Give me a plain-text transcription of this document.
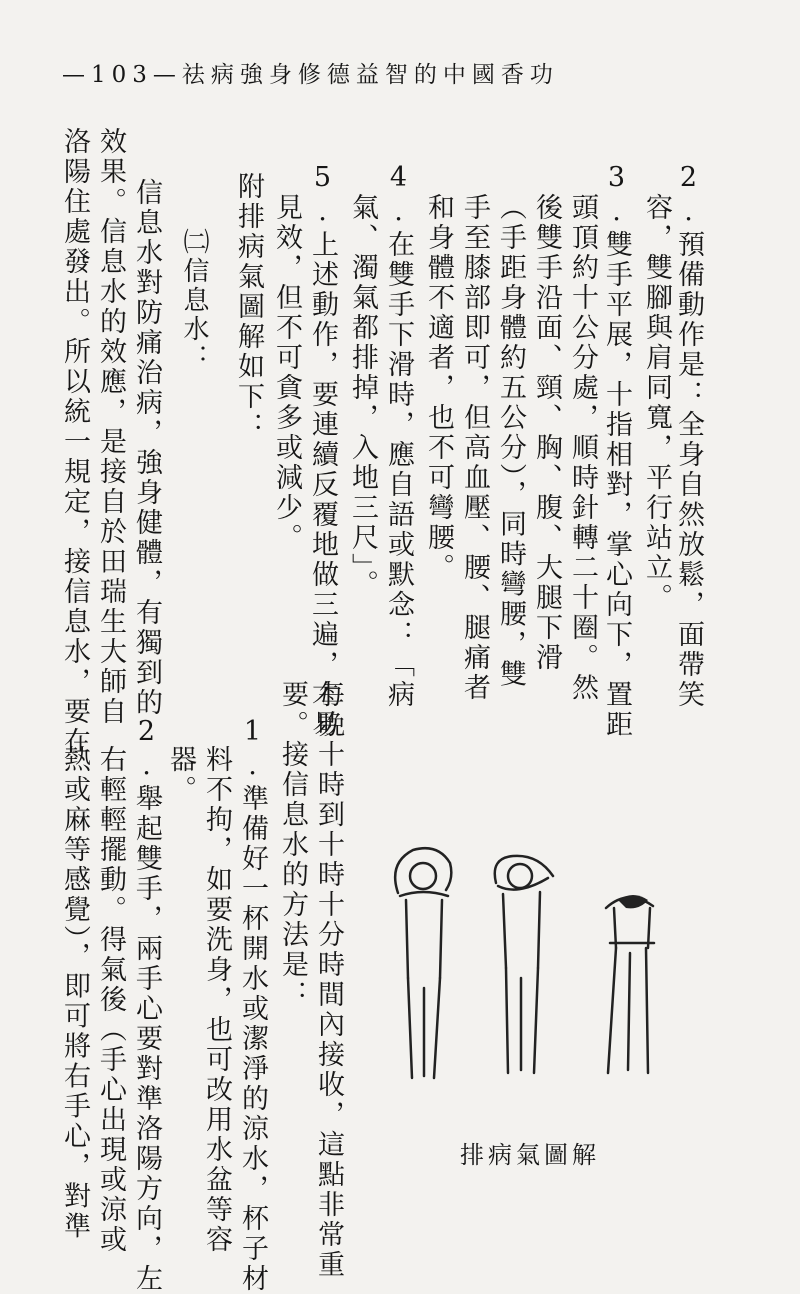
—103—祛病強身修德益智的中國香功
2.預備動作是：全身自然放鬆，面帶笑
容，雙腳與肩同寬，平行站立。
3.雙手平展，十指相對，掌心向下，置距
頭頂約十公分處，順時針轉二十圈。然
後雙手沿面、頸、胸、腹、大腿下滑
（手距身體約五公分），同時彎腰，雙
手至膝部即可，但高血壓、腰、腿痛者
和身體不適者，也不可彎腰。
4.在雙手下滑時，應自語或默念：「病
氣、濁氣都排掉，入地三尺」。
5.上述動作，要連續反覆地做三遍，才易
見效，但不可貪多或減少。
附排病氣圖解如下：
㈡信息水：
信息水對防痛治病，強身健體，有獨到的
效果。信息水的效應，是接自於田瑞生大師自
洛陽住處發出。所以統一規定，接信息水，要在
每晚十時到十時十分時間內接收，這點非常重
要。接信息水的方法是：
1.準備好一杯開水或潔淨的涼水，杯子材
料不拘，如要洗身，也可改用水盆等容
器。
2.舉起雙手，兩手心要對準洛陽方向，左
右輕輕擺動。得氣後（手心出現或涼或
熱或麻等感覺），即可將右手心，對準	排病氣圖解
